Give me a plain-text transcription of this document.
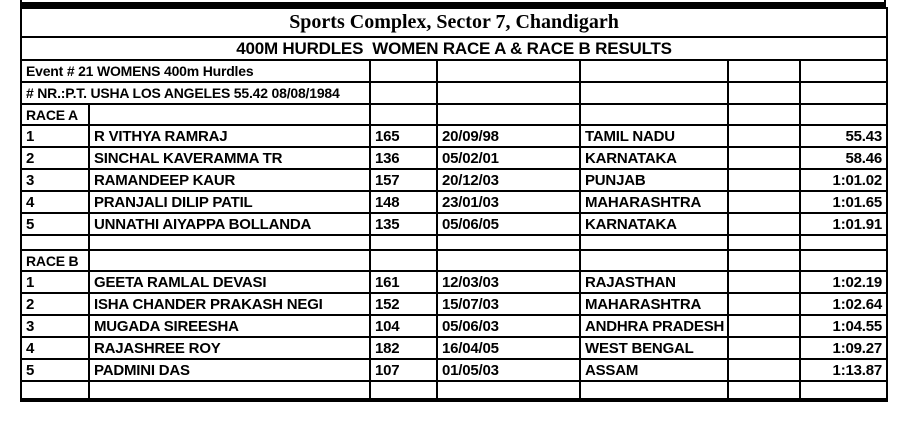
Sports Complex, Sector 7, Chandigarh						
400M HURDLES  WOMEN RACE A & RACE B RESULTS						
Event # 21 WOMENS 400m Hurdles						
# NR.:P.T. USHA LOS ANGELES 55.42 08/08/1984						
RACE A						
1	R VITHYA RAMRAJ	165	20/09/98	TAMIL NADU		55.43
2	SINCHAL KAVERAMMA TR	136	05/02/01	KARNATAKA		58.46
3	RAMANDEEP KAUR	157	20/12/03	PUNJAB		1:01.02
4	PRANJALI DILIP PATIL	148	23/01/03	MAHARASHTRA		1:01.65
5	UNNATHI AIYAPPA BOLLANDA	135	05/06/05	KARNATAKA		1:01.91

RACE B						
1	GEETA RAMLAL DEVASI	161	12/03/03	RAJASTHAN		1:02.19
2	ISHA CHANDER PRAKASH NEGI	152	15/07/03	MAHARASHTRA		1:02.64
3	MUGADA SIREESHA	104	05/06/03	ANDHRA PRADESH		1:04.55
4	RAJASHREE ROY	182	16/04/05	WEST BENGAL		1:09.27
5	PADMINI DAS	107	01/05/03	ASSAM		1:13.87
